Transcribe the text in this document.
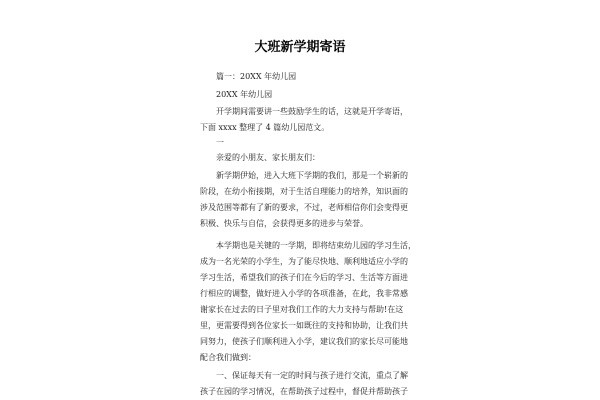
大班新学期寄语
篇一：20XX 年幼儿园
20XX 年幼儿园
开学期间需要讲一些鼓励学生的话，这就是开学寄语，
下面 xxxx 整理了 4 篇幼儿园范文。
一
亲爱的小朋友、家长朋友们：
新学期伊始，进入大班下学期的我们，那是一个崭新的
阶段，在幼小衔接期，对于生活自理能力的培养，知识面的
涉及范围等都有了新的要求，不过，老师相信你们会变得更
积极、快乐与自信，会获得更多的进步与荣誉。
本学期也是关键的一学期，即将结束幼儿园的学习生活，
成为一名光荣的小学生，为了能尽快地、顺利地适应小学的
学习生活，希望我们的孩子们在今后的学习、生活等方面进
行相应的调整，做好进入小学的各项准备，在此，我非常感
谢家长在过去的日子里对我们工作的大力支持与帮助!在这
里，更需要得到各位家长一如既往的支持和协助，让我们共
同努力，使孩子们顺利进入小学，建议我们的家长尽可能地
配合我们做到：
一、保证每天有一定的时间与孩子进行交流，重点了解
孩子在园的学习情况，在帮助孩子过程中，督促并帮助孩子
